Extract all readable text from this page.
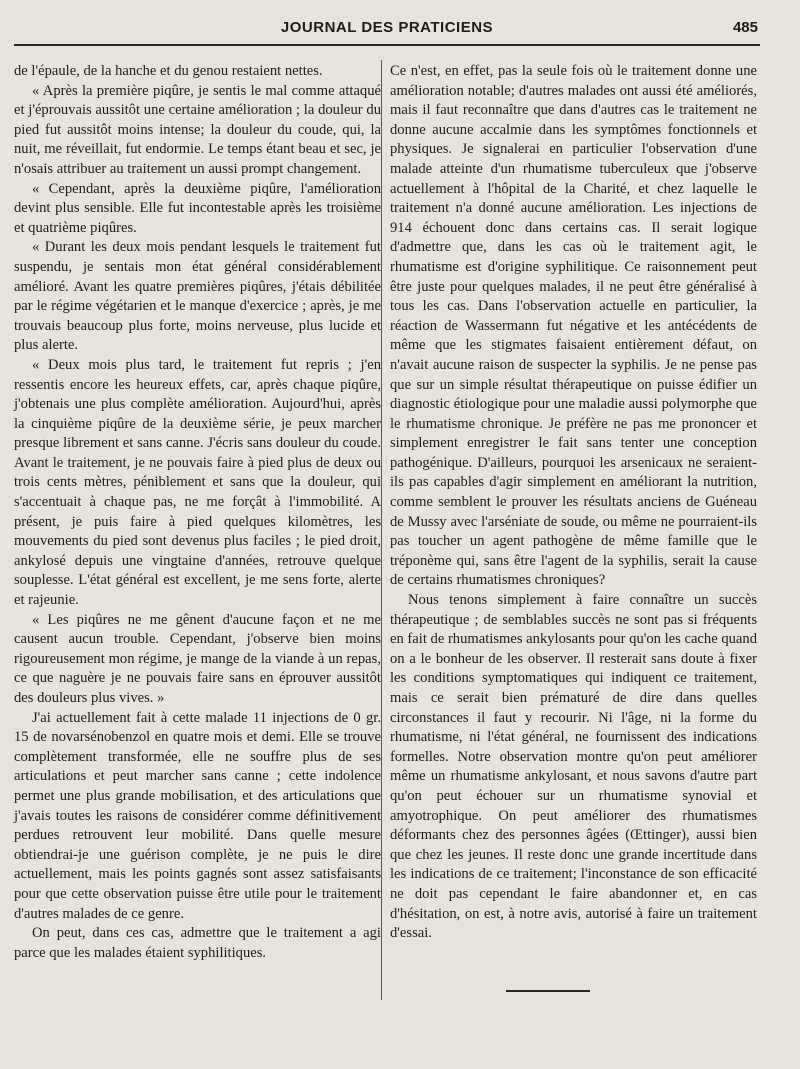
JOURNAL DES PRATICIENS	485

de l'épaule, de la hanche et du genou restaient nettes.

« Après la première piqûre, je sentis le mal comme attaqué et j'éprouvais aussitôt une certaine amélioration ; la douleur du pied fut aussitôt moins intense; la douleur du coude, qui, la nuit, me réveillait, fut endormie. Le temps étant beau et sec, je n'osais attribuer au traitement un aussi prompt changement.

« Cependant, après la deuxième piqûre, l'amélioration devint plus sensible. Elle fut incontestable après les troisième et quatrième piqûres.

« Durant les deux mois pendant lesquels le traitement fut suspendu, je sentais mon état général considérablement amélioré. Avant les quatre premières piqûres, j'étais débilitée par le régime végétarien et le manque d'exercice ; après, je me trouvais beaucoup plus forte, moins nerveuse, plus lucide et plus alerte.

« Deux mois plus tard, le traitement fut repris ; j'en ressentis encore les heureux effets, car, après chaque piqûre, j'obtenais une plus complète amélioration. Aujourd'hui, après la cinquième piqûre de la deuxième série, je peux marcher presque librement et sans canne. J'écris sans douleur du coude. Avant le traitement, je ne pouvais faire à pied plus de deux ou trois cents mètres, péniblement et sans que la douleur, qui s'accentuait à chaque pas, ne me forçât à l'immobilité. A présent, je puis faire à pied quelques kilomètres, les mouvements du pied sont devenus plus faciles ; le pied droit, ankylosé depuis une vingtaine d'années, retrouve quelque souplesse. L'état général est excellent, je me sens forte, alerte et rajeunie.

« Les piqûres ne me gênent d'aucune façon et ne me causent aucun trouble. Cependant, j'observe bien moins rigoureusement mon régime, je mange de la viande à un repas, ce que naguère je ne pouvais faire sans en éprouver aussitôt des douleurs plus vives. »

J'ai actuellement fait à cette malade 11 injections de 0 gr. 15 de novarsénobenzol en quatre mois et demi. Elle se trouve complètement transformée, elle ne souffre plus de ses articulations et peut marcher sans canne ; cette indolence permet une plus grande mobilisation, et des articulations que j'avais toutes les raisons de considérer comme définitivement perdues retrouvent leur mobilité. Dans quelle mesure obtiendrai-je une guérison complète, je ne puis le dire actuellement, mais les points gagnés sont assez satisfaisants pour que cette observation puisse être utile pour le traitement d'autres malades de ce genre.

On peut, dans ces cas, admettre que le traitement a agi parce que les malades étaient syphilitiques.

Ce n'est, en effet, pas la seule fois où le traitement donne une amélioration notable; d'autres malades ont aussi été améliorés, mais il faut reconnaître que dans d'autres cas le traitement ne donne aucune accalmie dans les symptômes fonctionnels et physiques. Je signalerai en particulier l'observation d'une malade atteinte d'un rhumatisme tuberculeux que j'observe actuellement à l'hôpital de la Charité, et chez laquelle le traitement n'a donné aucune amélioration. Les injections de 914 échouent donc dans certains cas. Il serait logique d'admettre que, dans les cas où le traitement agit, le rhumatisme est d'origine syphilitique. Ce raisonnement peut être juste pour quelques malades, il ne peut être généralisé à tous les cas. Dans l'observation actuelle en particulier, la réaction de Wassermann fut négative et les antécédents de même que les stigmates faisaient entièrement défaut, on n'avait aucune raison de suspecter la syphilis. Je ne pense pas que sur un simple résultat thérapeutique on puisse édifier un diagnostic étiologique pour une maladie aussi polymorphe que le rhumatisme chronique. Je préfère ne pas me prononcer et simplement enregistrer le fait sans tenter une conception pathogénique. D'ailleurs, pourquoi les arsenicaux ne seraient-ils pas capables d'agir simplement en améliorant la nutrition, comme semblent le prouver les résultats anciens de Guéneau de Mussy avec l'arséniate de soude, ou même ne pourraient-ils pas toucher un agent pathogène de même famille que le tréponème qui, sans être l'agent de la syphilis, serait la cause de certains rhumatismes chroniques?

Nous tenons simplement à faire connaître un succès thérapeutique ; de semblables succès ne sont pas si fréquents en fait de rhumatismes ankylosants pour qu'on les cache quand on a le bonheur de les observer. Il resterait sans doute à fixer les conditions symptomatiques qui indiquent ce traitement, mais ce serait bien prématuré de dire dans quelles circonstances il faut y recourir. Ni l'âge, ni la forme du rhumatisme, ni l'état général, ne fournissent des indications formelles. Notre observation montre qu'on peut améliorer même un rhumatisme ankylosant, et nous savons d'autre part qu'on peut échouer sur un rhumatisme synovial et amyotrophique. On peut améliorer des rhumatismes déformants chez des personnes âgées (Œttinger), aussi bien que chez les jeunes. Il reste donc une grande incertitude dans les indications de ce traitement; l'inconstance de son efficacité ne doit pas cependant le faire abandonner et, en cas d'hésitation, on est, à notre avis, autorisé à faire un traitement d'essai.
